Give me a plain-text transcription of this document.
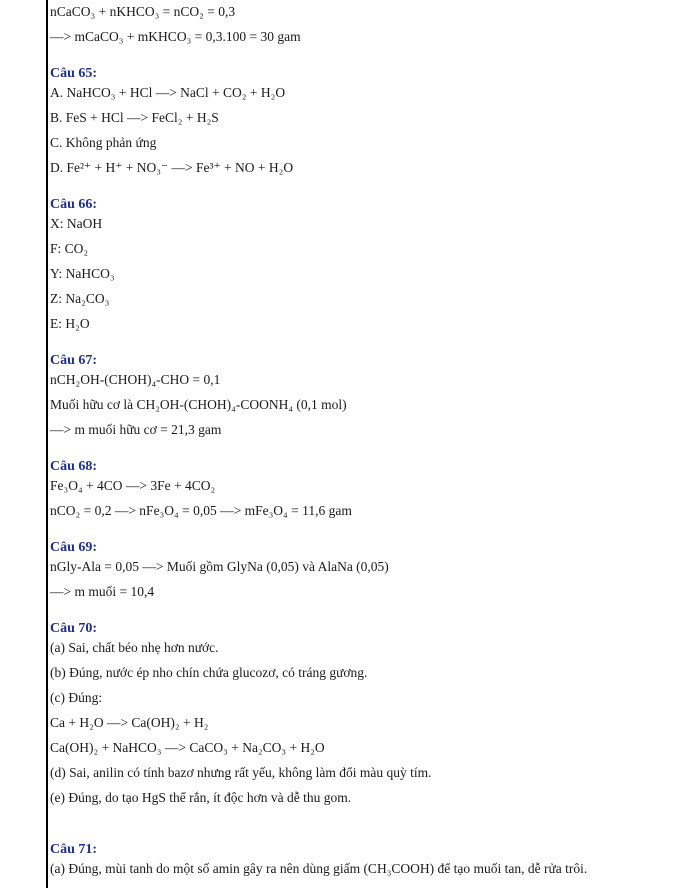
nCaCO₃ + nKHCO₃ = nCO₂ = 0,3
—> mCaCO₃ + mKHCO₃ = 0,3.100 = 30 gam
Câu 65:
A. NaHCO₃ + HCl —> NaCl + CO₂ + H₂O
B. FeS + HCl —> FeCl₂ + H₂S
C. Không phản ứng
D. Fe²⁺ + H⁺ + NO₃⁻ —> Fe³⁺ + NO + H₂O
Câu 66:
X: NaOH
F: CO₂
Y: NaHCO₃
Z: Na₂CO₃
E: H₂O
Câu 67:
nCH₂OH-(CHOH)₄-CHO = 0,1
Muối hữu cơ là CH₂OH-(CHOH)₄-COONH₄ (0,1 mol)
—> m muối hữu cơ = 21,3 gam
Câu 68:
Fe₃O₄ + 4CO —> 3Fe + 4CO₂
nCO₂ = 0,2 —> nFe₃O₄ = 0,05 —> mFe₃O₄ = 11,6 gam
Câu 69:
nGly-Ala = 0,05 —> Muối gồm GlyNa (0,05) và AlaNa (0,05)
—> m muối = 10,4
Câu 70:
(a) Sai, chất béo nhẹ hơn nước.
(b) Đúng, nước ép nho chín chứa glucozơ, có tráng gương.
(c) Đúng:
Ca + H₂O —> Ca(OH)₂ + H₂
Ca(OH)₂ + NaHCO₃ —> CaCO₃ + Na₂CO₃ + H₂O
(d) Sai, anilin có tính bazơ nhưng rất yếu, không làm đổi màu quỳ tím.
(e) Đúng, do tạo HgS thể rắn, ít độc hơn và dễ thu gom.
Câu 71:
(a) Đúng, mùi tanh do một số amin gây ra nên dùng giấm (CH₃COOH) để tạo muối tan, dễ rửa trôi.
